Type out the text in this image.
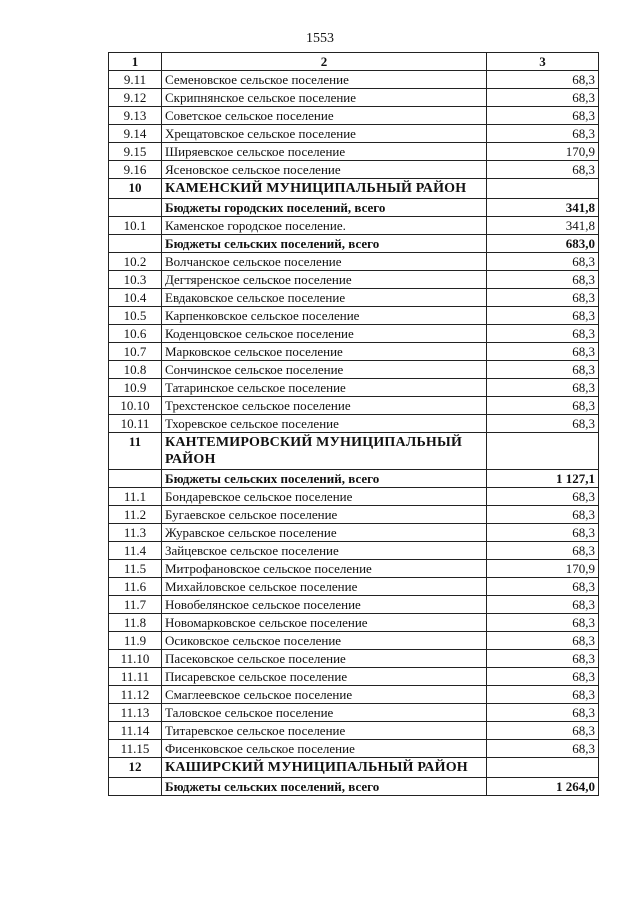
1553
1	2	3
9.11	Семеновское сельское поселение	68,3
9.12	Скрипнянское сельское поселение	68,3
9.13	Советское сельское поселение	68,3
9.14	Хрещатовское сельское поселение	68,3
9.15	Ширяевское сельское поселение	170,9
9.16	Ясеновское сельское поселение	68,3
10	КАМЕНСКИЙ МУНИЦИПАЛЬНЫЙ РАЙОН	
	Бюджеты городских поселений, всего	341,8
10.1	Каменское городское поселение.	341,8
	Бюджеты сельских поселений, всего	683,0
10.2	Волчанское сельское поселение	68,3
10.3	Дегтяренское сельское поселение	68,3
10.4	Евдаковское сельское поселение	68,3
10.5	Карпенковское сельское поселение	68,3
10.6	Коденцовское сельское поселение	68,3
10.7	Марковское сельское поселение	68,3
10.8	Сончинское сельское поселение	68,3
10.9	Татаринское сельское поселение	68,3
10.10	Трехстенское сельское поселение	68,3
10.11	Тхоревское сельское поселение	68,3
11	КАНТЕМИРОВСКИЙ МУНИЦИПАЛЬНЫЙ РАЙОН	
	Бюджеты сельских поселений, всего	1 127,1
11.1	Бондаревское сельское поселение	68,3
11.2	Бугаевское сельское поселение	68,3
11.3	Журавское сельское поселение	68,3
11.4	Зайцевское сельское поселение	68,3
11.5	Митрофановское сельское поселение	170,9
11.6	Михайловское сельское поселение	68,3
11.7	Новобелянское сельское поселение	68,3
11.8	Новомарковское сельское поселение	68,3
11.9	Осиковское сельское поселение	68,3
11.10	Пасековское сельское поселение	68,3
11.11	Писаревское сельское поселение	68,3
11.12	Смаглеевское сельское поселение	68,3
11.13	Таловское сельское поселение	68,3
11.14	Титаревское сельское поселение	68,3
11.15	Фисенковское сельское поселение	68,3
12	КАШИРСКИЙ МУНИЦИПАЛЬНЫЙ РАЙОН	
	Бюджеты сельских поселений, всего	1 264,0
